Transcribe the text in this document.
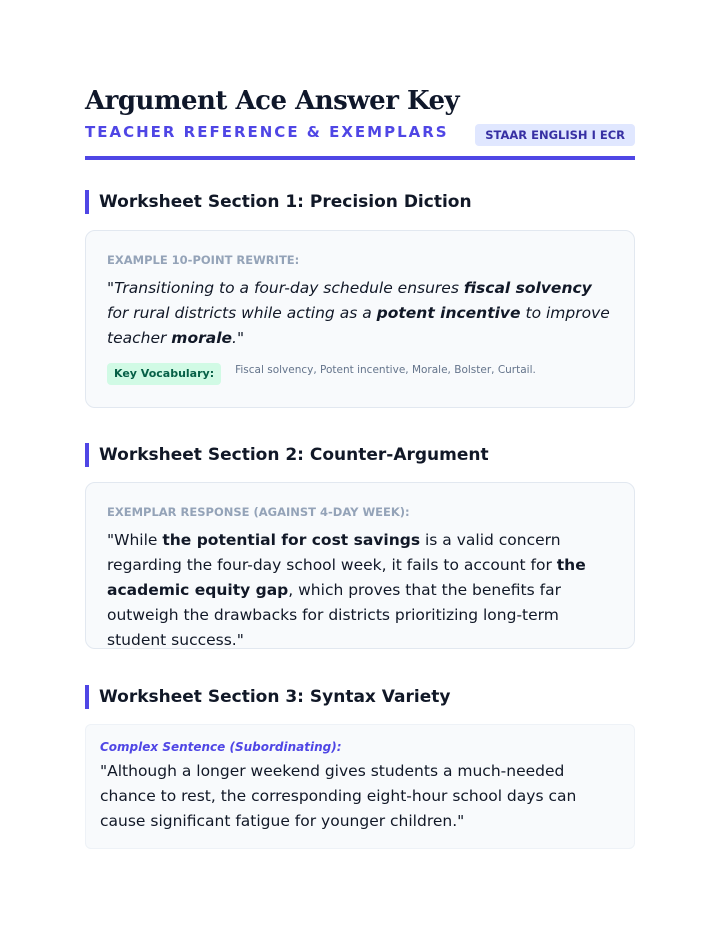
Argument Ace Answer Key
TEACHER REFERENCE & EXEMPLARS	STAAR ENGLISH I ECR
Worksheet Section 1: Precision Diction
EXAMPLE 10-POINT REWRITE:
"Transitioning to a four-day schedule ensures fiscal solvency for rural districts while acting as a potent incentive to improve teacher morale."
Key Vocabulary:	Fiscal solvency, Potent incentive, Morale, Bolster, Curtail.
Worksheet Section 2: Counter-Argument
EXEMPLAR RESPONSE (AGAINST 4-DAY WEEK):
"While the potential for cost savings is a valid concern regarding the four-day school week, it fails to account for the academic equity gap, which proves that the benefits far outweigh the drawbacks for districts prioritizing long-term student success."
Worksheet Section 3: Syntax Variety
Complex Sentence (Subordinating):
"Although a longer weekend gives students a much-needed chance to rest, the corresponding eight-hour school days can cause significant fatigue for younger children."
